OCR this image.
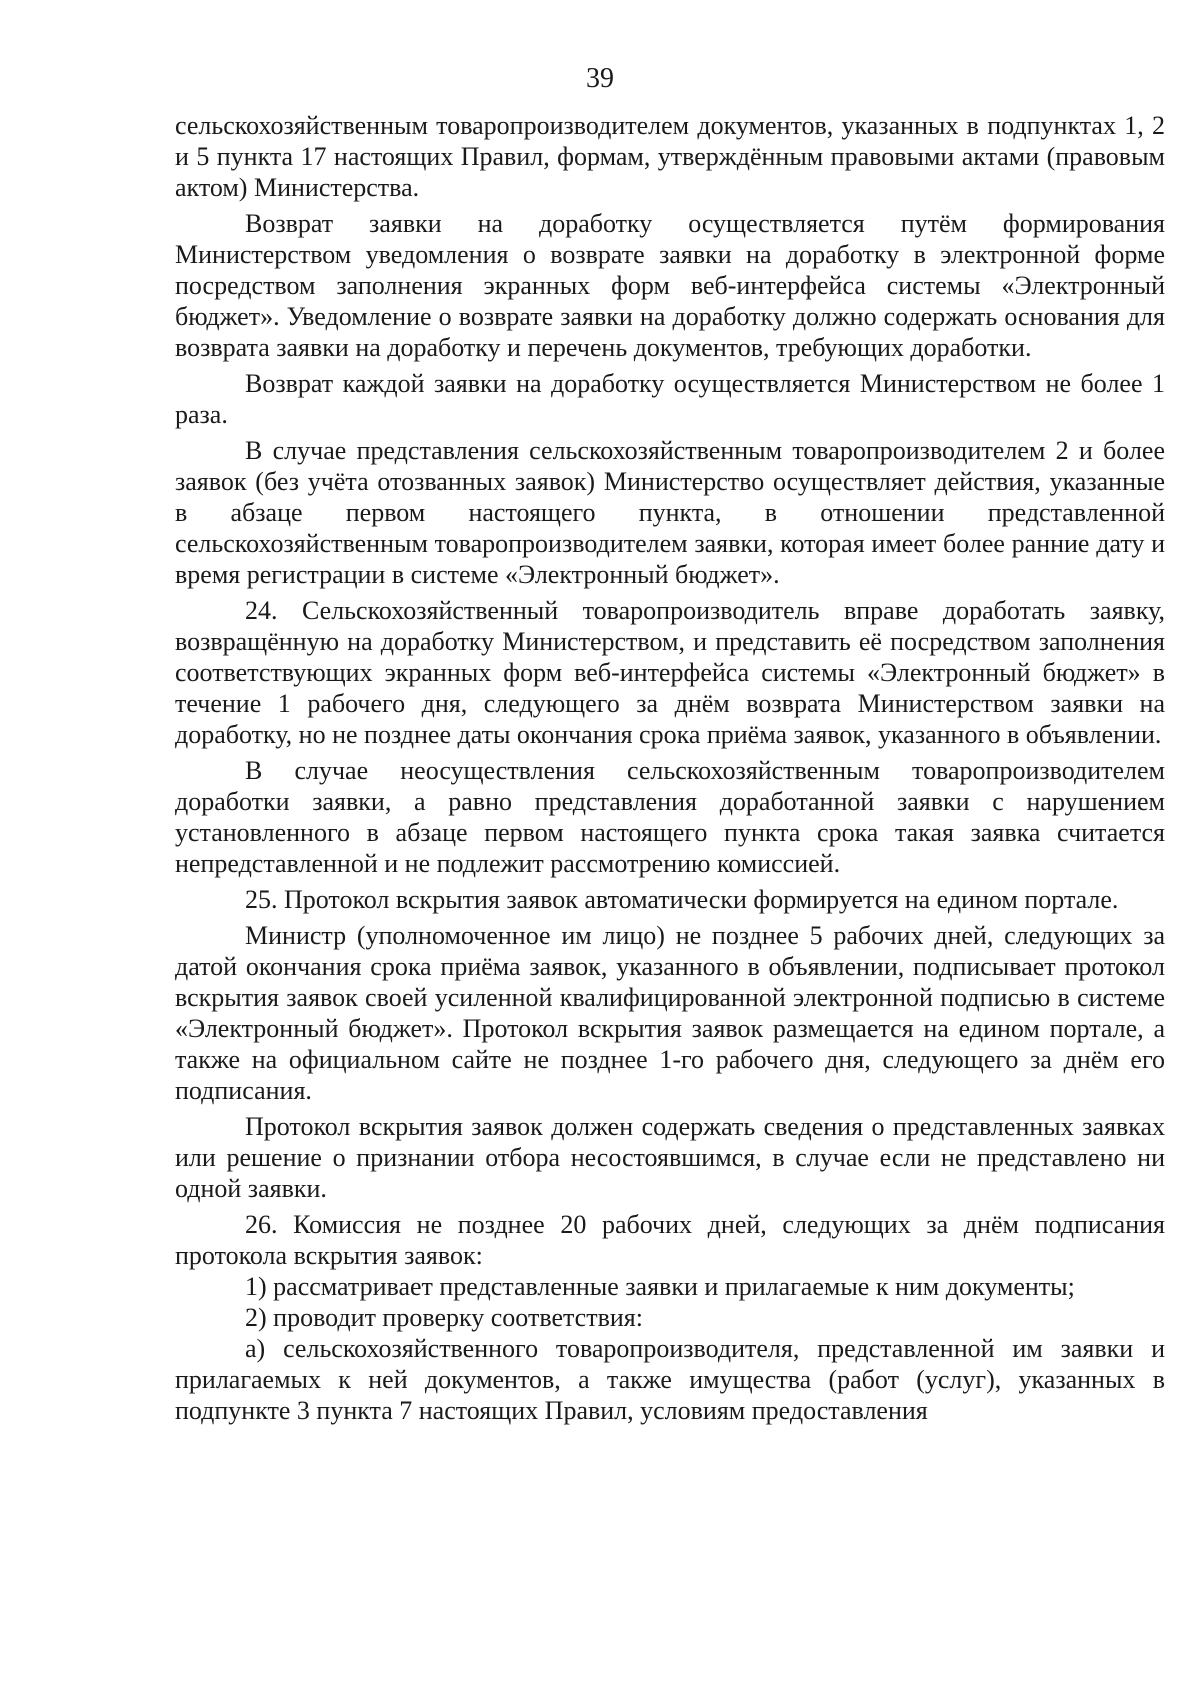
39

сельскохозяйственным товаропроизводителем документов, указанных в подпунктах 1, 2 и 5 пункта 17 настоящих Правил, формам, утверждённым правовыми актами (правовым актом) Министерства.

Возврат заявки на доработку осуществляется путём формирования Министерством уведомления о возврате заявки на доработку в электронной форме посредством заполнения экранных форм веб-интерфейса системы «Электронный бюджет». Уведомление о возврате заявки на доработку должно содержать основания для возврата заявки на доработку и перечень документов, требующих доработки.

Возврат каждой заявки на доработку осуществляется Министерством не более 1 раза.

В случае представления сельскохозяйственным товаропроизводителем 2 и более заявок (без учёта отозванных заявок) Министерство осуществляет действия, указанные в абзаце первом настоящего пункта, в отношении представленной сельскохозяйственным товаропроизводителем заявки, которая имеет более ранние дату и время регистрации в системе «Электронный бюджет».

24. Сельскохозяйственный товаропроизводитель вправе доработать заявку, возвращённую на доработку Министерством, и представить её посредством заполнения соответствующих экранных форм веб-интерфейса системы «Электронный бюджет» в течение 1 рабочего дня, следующего за днём возврата Министерством заявки на доработку, но не позднее даты окончания срока приёма заявок, указанного в объявлении.

В случае неосуществления сельскохозяйственным товаропроизводителем доработки заявки, а равно представления доработанной заявки с нарушением установленного в абзаце первом настоящего пункта срока такая заявка считается непредставленной и не подлежит рассмотрению комиссией.

25. Протокол вскрытия заявок автоматически формируется на едином портале.

Министр (уполномоченное им лицо) не позднее 5 рабочих дней, следующих за датой окончания срока приёма заявок, указанного в объявлении, подписывает протокол вскрытия заявок своей усиленной квалифицированной электронной подписью в системе «Электронный бюджет». Протокол вскрытия заявок размещается на едином портале, а также на официальном сайте не позднее 1-го рабочего дня, следующего за днём его подписания.

Протокол вскрытия заявок должен содержать сведения о представленных заявках или решение о признании отбора несостоявшимся, в случае если не представлено ни одной заявки.

26. Комиссия не позднее 20 рабочих дней, следующих за днём подписания протокола вскрытия заявок:

1) рассматривает представленные заявки и прилагаемые к ним документы;

2) проводит проверку соответствия:

а) сельскохозяйственного товаропроизводителя, представленной им заявки и прилагаемых к ней документов, а также имущества (работ (услуг), указанных в подпункте 3 пункта 7 настоящих Правил, условиям предоставления
